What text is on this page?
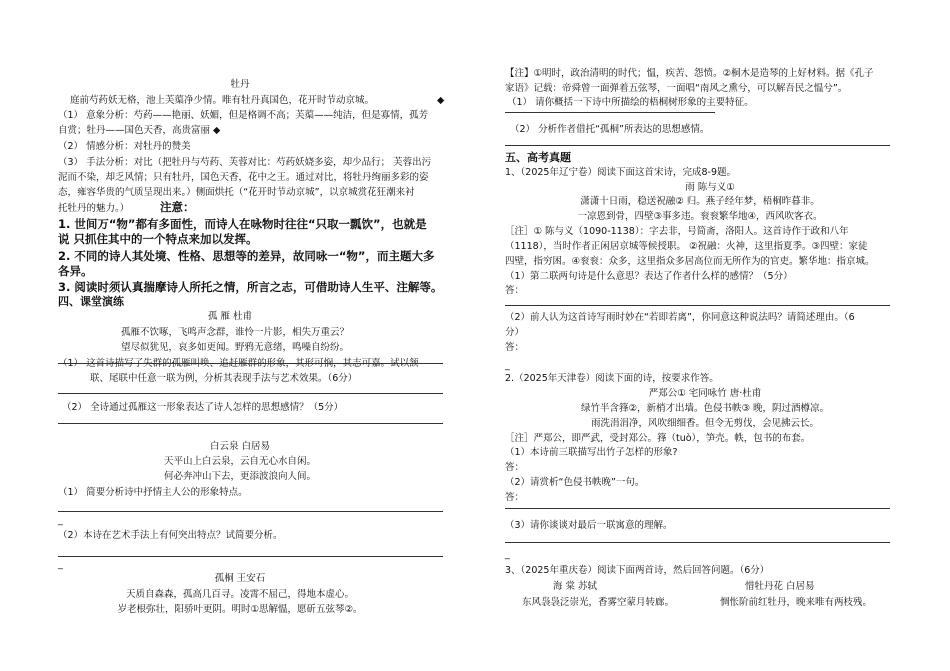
牡丹
庭前芍药妖无格，池上芙蕖净少情。唯有牡丹真国色，花开时节动京城。	◆
（1） 意象分析：芍药——艳丽、妖媚，但是格调不高；芙蕖——纯洁，但是寡情，孤芳
自赏；牡丹——国色天香，高贵富丽 ◆
（2） 情感分析：对牡丹的赞美
（3） 手法分析：对比（把牡丹与芍药、芙蓉对比：芍药妖娆多姿，却少品行； 芙蓉出污
泥而不染，却乏风情；只有牡丹，国色天香，花中之王。通过对比，将牡丹绚丽多彩的姿
态，雍容华贵的气质呈现出来。）侧面烘托（“花开时节动京城”，以京城赏花狂潮来衬
托牡丹的魅力。）	注意：
1. 世间万“物”都有多面性，而诗人在咏物时往往“只取一瓢饮”，也就是
说 只抓住其中的一个特点来加以发挥。
2. 不同的诗人其处境、性格、思想等的差异，故同咏一“物”，而主题大多
各异。
3. 阅读时须认真揣摩诗人所托之情，所言之志，可借助诗人生平、注解等。
四、课堂演练
孤 雁 杜甫
孤雁不饮啄，飞鸣声念群，谁怜一片影，相失万重云？
望尽似犹见，哀多如更闻。野鸦无意绪，鸣噪自纷纷。
（1） 这首诗描写了失群的孤雁叫唤、追赶雁群的形象，其形可悯，其志可嘉。试以颔
联、尾联中任意一联为例，分析其表现手法与艺术效果。（6分）
（2） 全诗通过孤雁这一形象表达了诗人怎样的思想感情？（5分）
白云泉 白居易
天平山上白云泉，云自无心水自闲。
何必奔冲山下去，更添波浪向人间。
（1） 简要分析诗中抒情主人公的形象特点。
_
（2）本诗在艺术手法上有何突出特点？试简要分析。
_
孤桐 王安石
天质自森森，孤高几百寻。凌霄不屈己，得地本虚心。
岁老根弥壮，阳骄叶更阴。明时①思解愠，愿斫五弦琴②。
【注】①明时，政治清明的时代；愠，疾苦、怨愤。②桐木是造琴的上好材料。据《孔子
家语》记载：帝舜曾一面弹着五弦琴，一面唱“南风之熏兮，可以解吾民之愠兮”。
（1） 请你概括一下诗中所描绘的梧桐树形象的主要特征。
（2） 分析作者借托“孤桐”所表达的思想感情。
五、高考真题
1、（2025年辽宁卷）阅读下面这首宋诗，完成8-9题。
雨 陈与义①
潇潇十日雨，稳送祝融② 归。燕子经年梦，梧桐昨暮非。
一凉恩到骨，四壁③事多违。衮衮繁华地④，西风吹客衣。
［注］① 陈与义（1090-1138）：字去非，号简斋，洛阳人。这首诗作于政和八年
（1118），当时作者正闲居京城等候授职。 ②祝融：火神，这里指夏季。③四壁：家徒
四壁，指穷困。④衮衮：众多，这里指众多居高位而无所作为的官吏。繁华地：指京城。
（1）第二联两句诗是什么意思？表达了作者什么样的感情？（5分）
答：
（2）前人认为这首诗写雨时妙在“若即若离”，你同意这种说法吗？请简述理由。（6
分）
答：
_
2.（2025年天津卷）阅读下面的诗，按要求作答。
严郑公① 宅同咏竹 唐·杜甫
绿竹半含箨②，新梢才出墙。色侵书帙③ 晚，阴过酒樽凉。
雨洗涓涓净，风吹细细香。但令无剪伐，会见拂云长。
［注］严郑公，即严武，受封郑公。箨（tuò），笋壳。帙，包书的布套。
（1）本诗前三联描写出竹子怎样的形象?
答：
（2）请赏析“色侵书帙晚”一句。
答：
（3）请你谈谈对最后一联寓意的理解。
_
3、（2025年重庆卷）阅读下面两首诗，然后回答问题。（6分）
海 棠 苏轼	惜牡丹花 白居易
东风袅袅泛崇光，香雾空蒙月转廊。	惆怅阶前红牡丹，晚来唯有两枝残。
